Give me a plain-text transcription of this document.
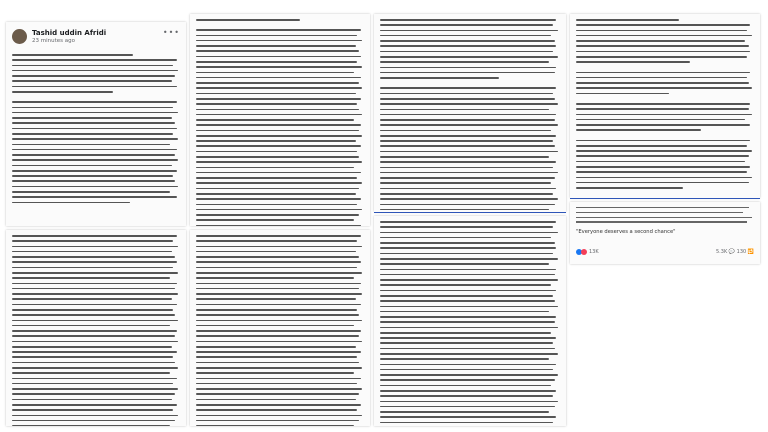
Tashid uddin Afridi
23 minutes ago
•••
"Everyone deserves a second chance"
13K	5.3K 💬 130 🔁
